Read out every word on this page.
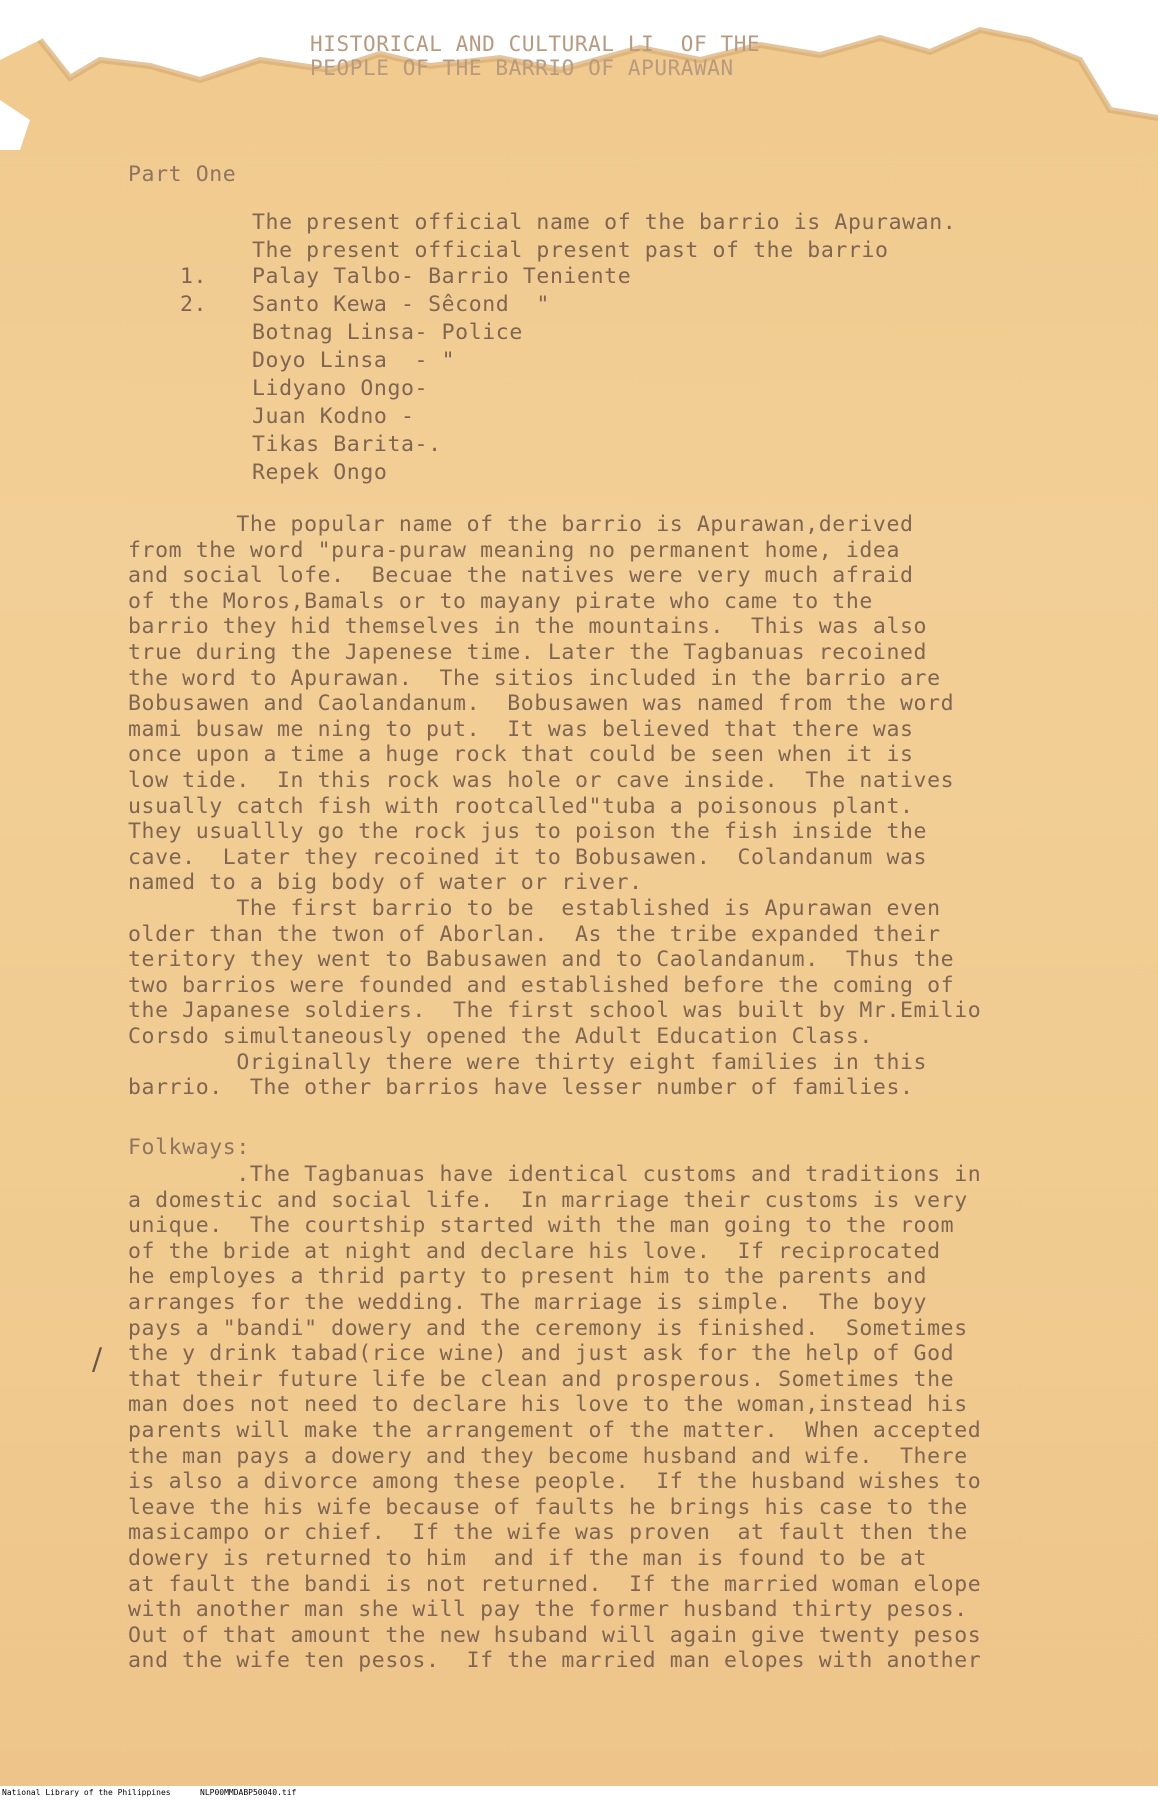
HISTORICAL AND CULTURAL LI  OF THE
PEOPLE OF THE BARRIO OF APURAWAN
Part One
The present official name of the barrio is Apurawan.
The present official present past of the barrio
1. Palay Talbo- Barrio Teniente
2. Santo Kewa - Sêcond  "
Botnag Linsa- Police
Doyo Linsa  - "
Lidyano Ongo-
Juan Kodno -
Tikas Barita-.
Repek Ongo
The popular name of the barrio is Apurawan,derived
from the word "pura-puraw meaning no permanent home, idea
and social lofe.  Becuae the natives were very much afraid
of the Moros,Bamals or to mayany pirate who came to the
barrio they hid themselves in the mountains.  This was also
true during the Japenese time. Later the Tagbanuas recoined
the word to Apurawan.  The sitios included in the barrio are
Bobusawen and Caolandanum.  Bobusawen was named from the word
mami busaw me ning to put.  It was believed that there was
once upon a time a huge rock that could be seen when it is
low tide.  In this rock was hole or cave inside.  The natives
usually catch fish with rootcalled"tuba a poisonous plant.
They usuallly go the rock jus to poison the fish inside the
cave.  Later they recoined it to Bobusawen.  Colandanum was
named to a big body of water or river.
The first barrio to be  established is Apurawan even
older than the twon of Aborlan.  As the tribe expanded their
teritory they went to Babusawen and to Caolandanum.  Thus the
two barrios were founded and established before the coming of
the Japanese soldiers.  The first school was built by Mr.Emilio
Corsdo simultaneously opened the Adult Education Class.
Originally there were thirty eight families in this
barrio.  The other barrios have lesser number of families.
Folkways:
.The Tagbanuas have identical customs and traditions in
a domestic and social life.  In marriage their customs is very
unique.  The courtship started with the man going to the room
of the bride at night and declare his love.  If reciprocated
he employes a thrid party to present him to the parents and
arranges for the wedding. The marriage is simple.  The boyy
pays a "bandi" dowery and the ceremony is finished.  Sometimes
the y drink tabad(rice wine) and just ask for the help of God
that their future life be clean and prosperous. Sometimes the
man does not need to declare his love to the woman,instead his
parents will make the arrangement of the matter.  When accepted
the man pays a dowery and they become husband and wife.  There
is also a divorce among these people.  If the husband wishes to
leave the his wife because of faults he brings his case to the
masicampo or chief.  If the wife was proven  at fault then the
dowery is returned to him  and if the man is found to be at
at fault the bandi is not returned.  If the married woman elope
with another man she will pay the former husband thirty pesos.
Out of that amount the new hsuband will again give twenty pesos
and the wife ten pesos.  If the married man elopes with another
/
National Library of the Philippines	NLP00MMDABP50040.tif
